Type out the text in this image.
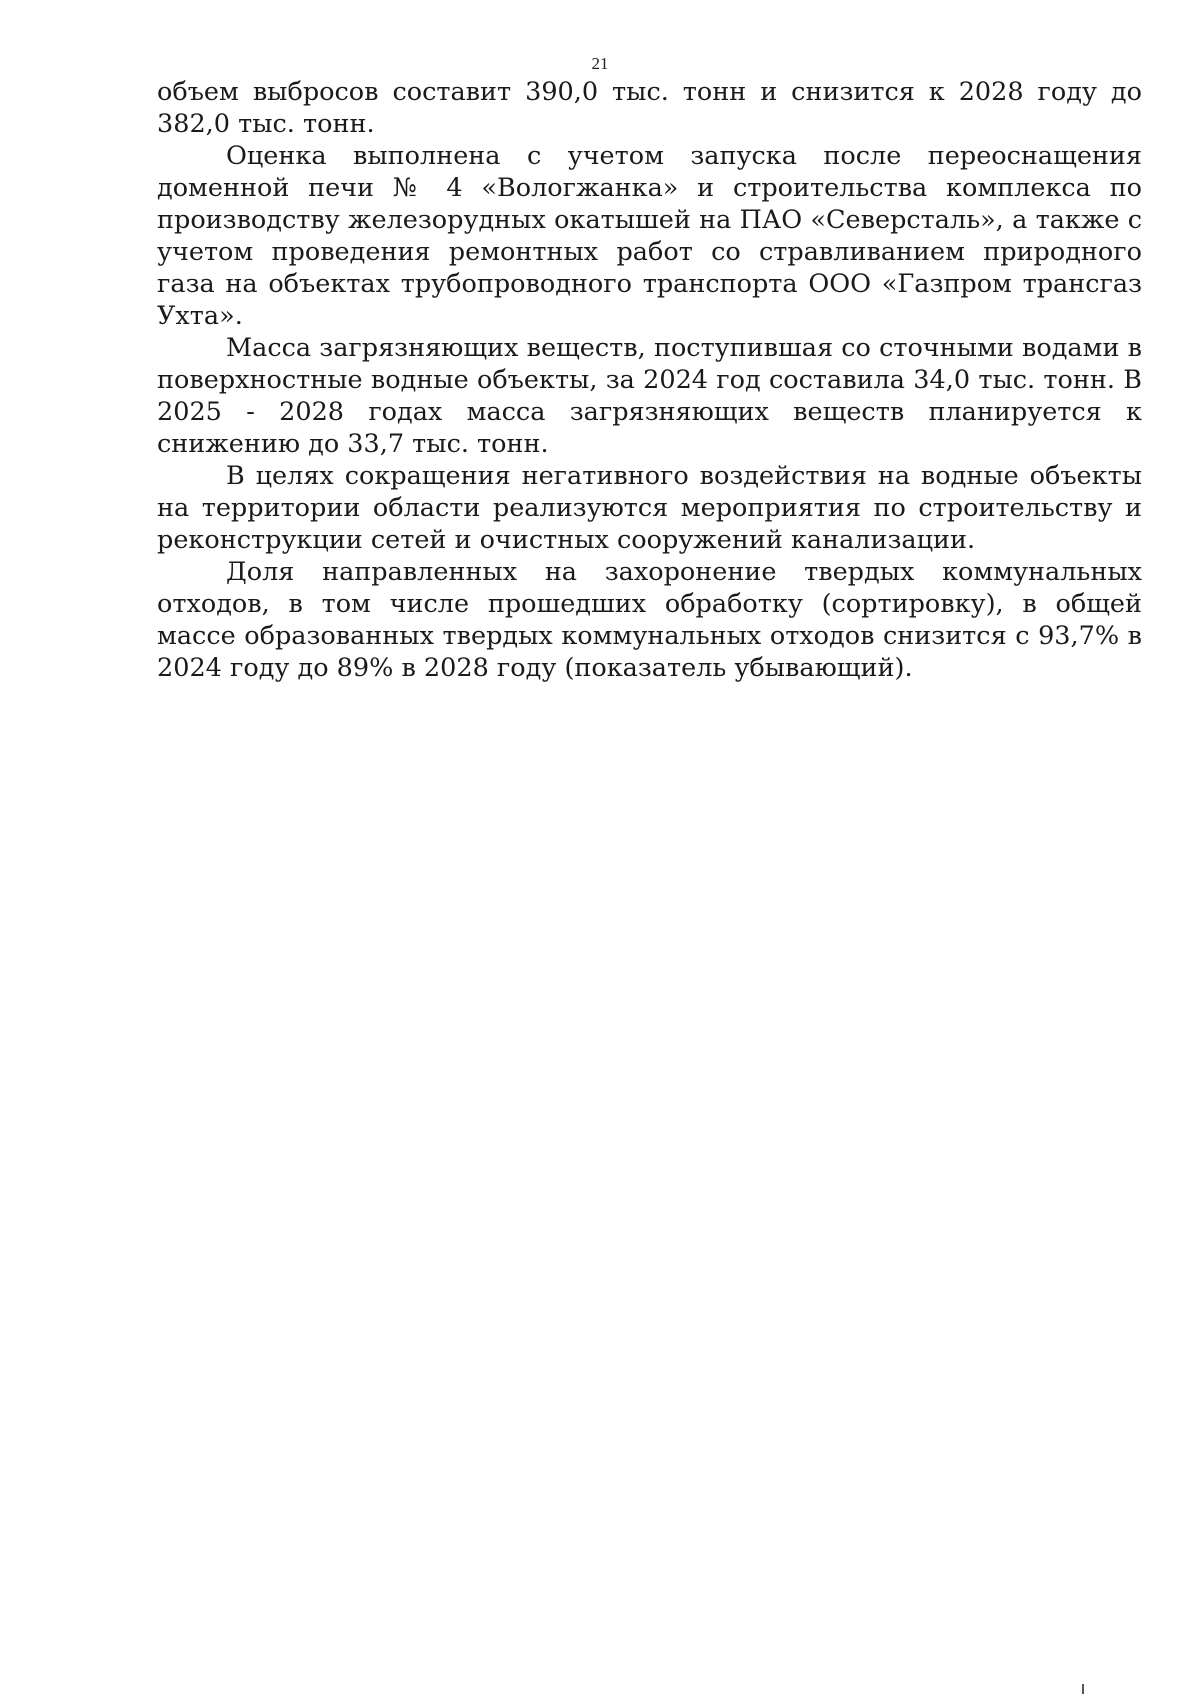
21

объем выбросов составит 390,0 тыс. тонн и снизится к 2028 году до 382,0 тыс. тонн.

Оценка выполнена с учетом запуска после переоснащения доменной печи № 4 «Вологжанка» и строительства комплекса по производству железорудных окатышей на ПАО «Северсталь», а также с учетом проведения ремонтных работ со стравливанием природного газа на объектах трубопроводного транспорта ООО «Газпром трансгаз Ухта».

Масса загрязняющих веществ, поступившая со сточными водами в поверхностные водные объекты, за 2024 год составила 34,0 тыс. тонн. В 2025 - 2028 годах масса загрязняющих веществ планируется к снижению до 33,7 тыс. тонн.

В целях сокращения негативного воздействия на водные объекты на территории области реализуются мероприятия по строительству и реконструкции сетей и очистных сооружений канализации.

Доля направленных на захоронение твердых коммунальных отходов, в том числе прошедших обработку (сортировку), в общей массе образованных твердых коммунальных отходов снизится с 93,7% в 2024 году до 89% в 2028 году (показатель убывающий).
